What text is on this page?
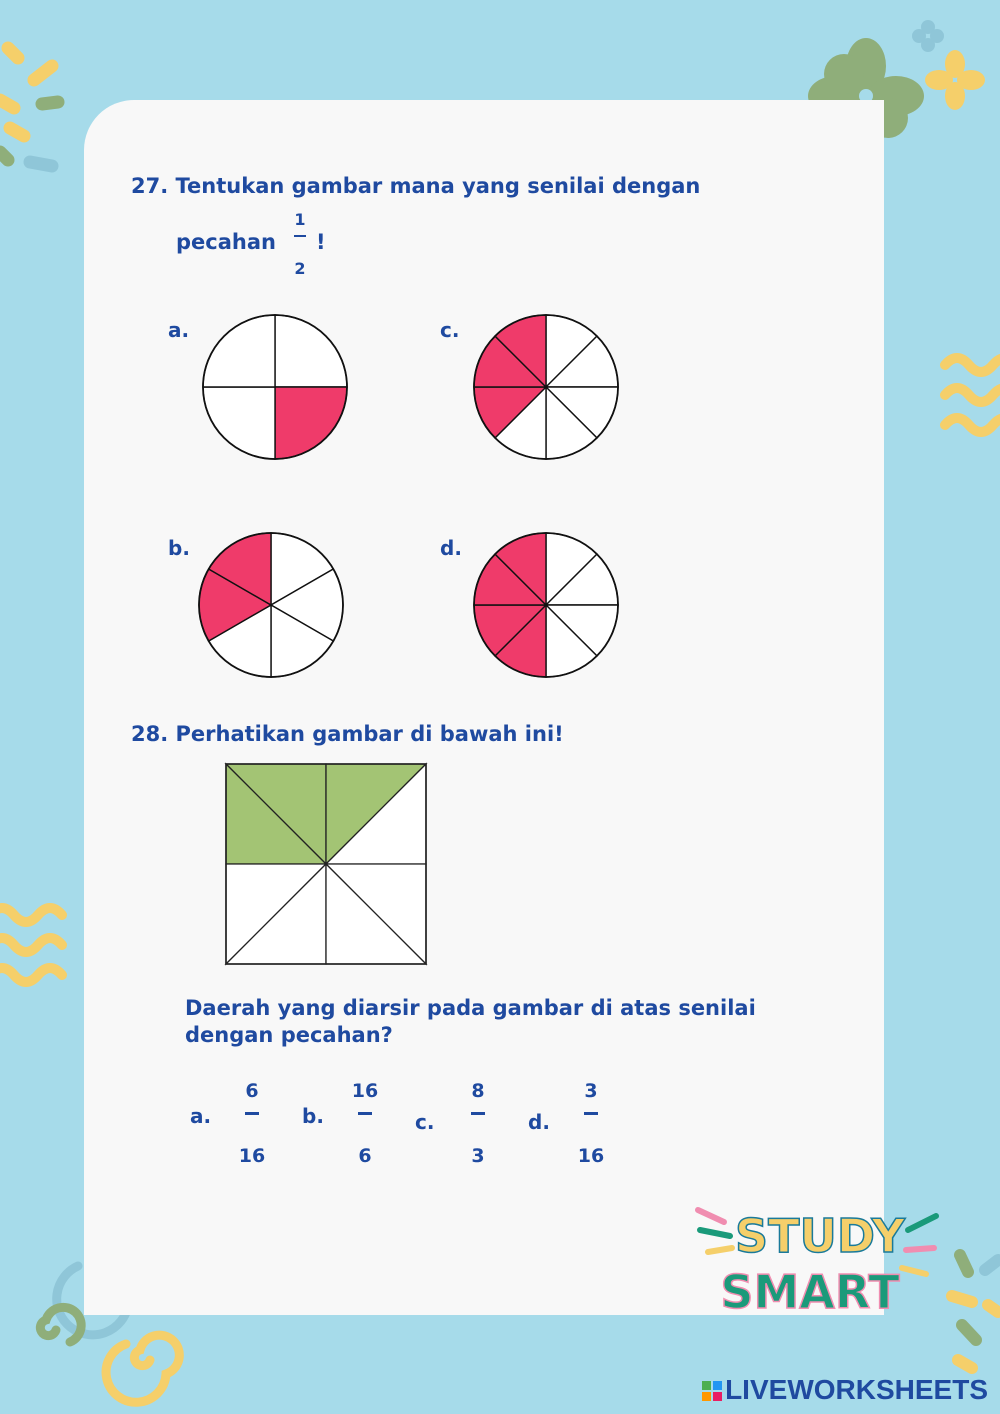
27. Tentukan gambar mana yang senilai dengan
pecahan
1
2
!
a.	c.
b.	d.
28. Perhatikan gambar di bawah ini!
Daerah yang diarsir pada gambar di atas senilai
dengan pecahan?
a.
6
16
b.
16
6
c.
8
3
d.
3
16
STUDY
SMART
LIVEWORKSHEETS
